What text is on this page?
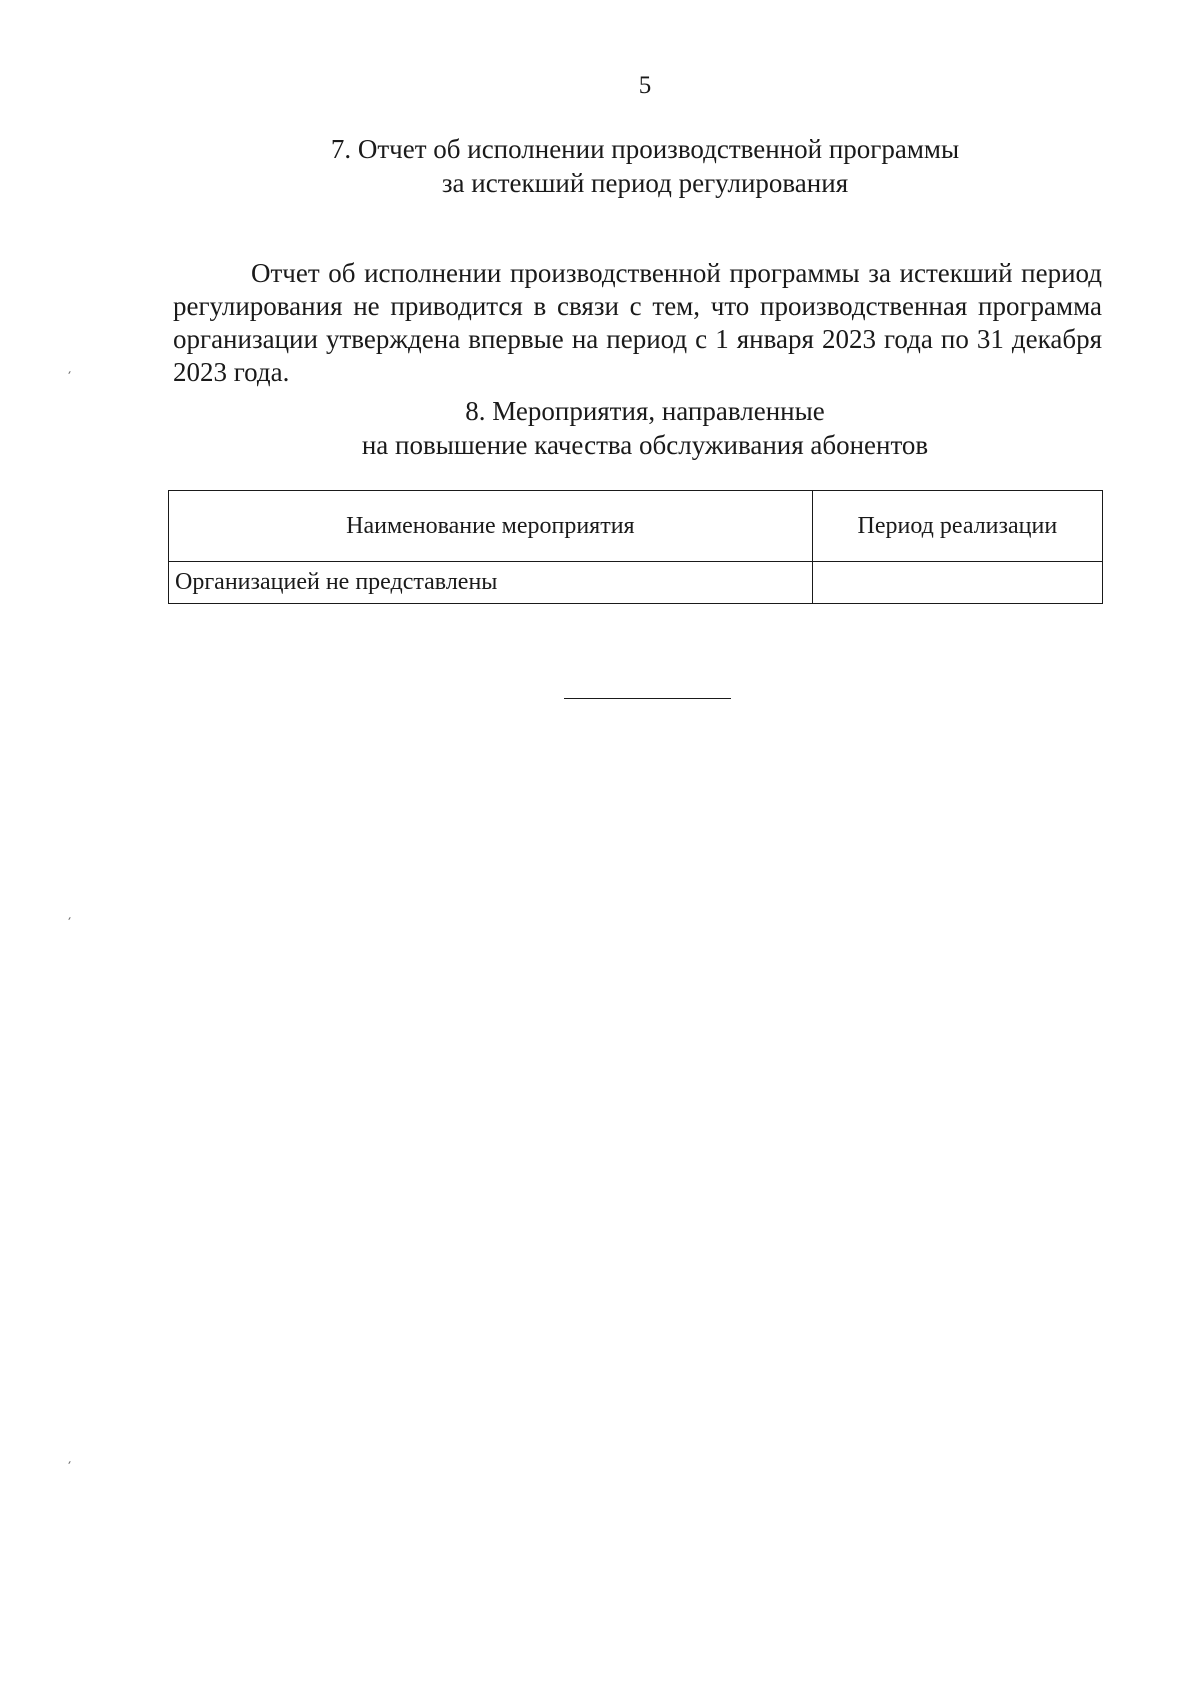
5
7. Отчет об исполнении производственной программы
за истекший период регулирования

Отчет об исполнении производственной программы за истекший период регулирования не приводится в связи с тем, что производственная программа организации утверждена впервые на период с 1 января 2023 года по 31 декабря 2023 года.

8. Мероприятия, направленные
на повышение качества обслуживания абонентов
Наименование мероприятия	Период реализации
Организацией не представлены	
